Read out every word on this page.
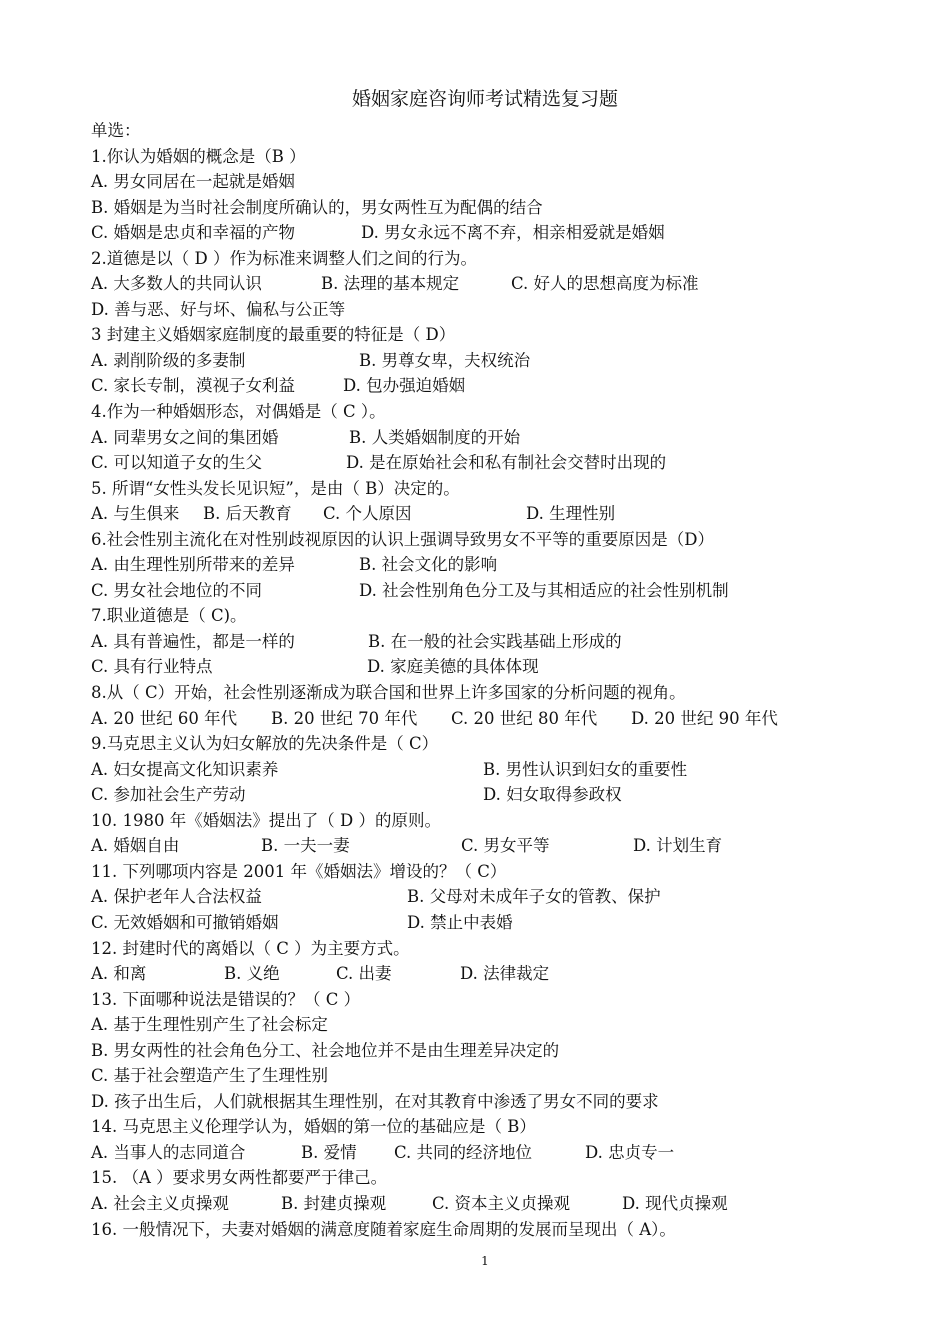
婚姻家庭咨询师考试精选复习题
单选：
1.你认为婚姻的概念是（B ）
A. 男女同居在一起就是婚姻
B. 婚姻是为当时社会制度所确认的，男女两性互为配偶的结合
C. 婚姻是忠贞和幸福的产物	D. 男女永远不离不弃，相亲相爱就是婚姻
2.道德是以（ D ）作为标准来调整人们之间的行为。
A. 大多数人的共同认识	B. 法理的基本规定	C. 好人的思想高度为标准
D. 善与恶、好与坏、偏私与公正等
3 封建主义婚姻家庭制度的最重要的特征是（ D）
A. 剥削阶级的多妻制	B. 男尊女卑，夫权统治
C. 家长专制，漠视子女利益	D. 包办强迫婚姻
4.作为一种婚姻形态，对偶婚是（ C ）。
A. 同辈男女之间的集团婚	B. 人类婚姻制度的开始
C. 可以知道子女的生父	D. 是在原始社会和私有制社会交替时出现的
5. 所谓“女性头发长见识短”，是由（ B）决定的。
A. 与生俱来 B. 后天教育 C. 个人原因	D. 生理性别
6.社会性别主流化在对性别歧视原因的认识上强调导致男女不平等的重要原因是（D）
A. 由生理性别所带来的差异	B. 社会文化的影响
C. 男女社会地位的不同	D. 社会性别角色分工及与其相适应的社会性别机制
7.职业道德是（ C)。
A. 具有普遍性，都是一样的	B. 在一般的社会实践基础上形成的
C. 具有行业特点	D. 家庭美德的具体体现
8.从（ C）开始，社会性别逐渐成为联合国和世界上许多国家的分析问题的视角。
A. 20 世纪 60 年代 B. 20 世纪 70 年代 C. 20 世纪 80 年代 D. 20 世纪 90 年代
9.马克思主义认为妇女解放的先决条件是（ C）
A. 妇女提高文化知识素养	B. 男性认识到妇女的重要性
C. 参加社会生产劳动	D. 妇女取得参政权
10. 1980 年《婚姻法》提出了（ D ）的原则。
A. 婚姻自由	B. 一夫一妻	C. 男女平等	D. 计划生育
11. 下列哪项内容是 2001 年《婚姻法》增设的？（ C）
A. 保护老年人合法权益	B. 父母对未成年子女的管教、保护
C. 无效婚姻和可撤销婚姻	D. 禁止中表婚
12. 封建时代的离婚以（ C ）为主要方式。
A. 和离	B. 义绝	C. 出妻	D. 法律裁定
13. 下面哪种说法是错误的？（ C ）
A. 基于生理性别产生了社会标定
B. 男女两性的社会角色分工、社会地位并不是由生理差异决定的
C. 基于社会塑造产生了生理性别
D. 孩子出生后，人们就根据其生理性别，在对其教育中渗透了男女不同的要求
14. 马克思主义伦理学认为，婚姻的第一位的基础应是（ B）
A. 当事人的志同道合	B. 爱情 C. 共同的经济地位	D. 忠贞专一
15. （A ）要求男女两性都要严于律己。
A. 社会主义贞操观	B. 封建贞操观	C. 资本主义贞操观	D. 现代贞操观
16. 一般情况下，夫妻对婚姻的满意度随着家庭生命周期的发展而呈现出（ A）。
1
